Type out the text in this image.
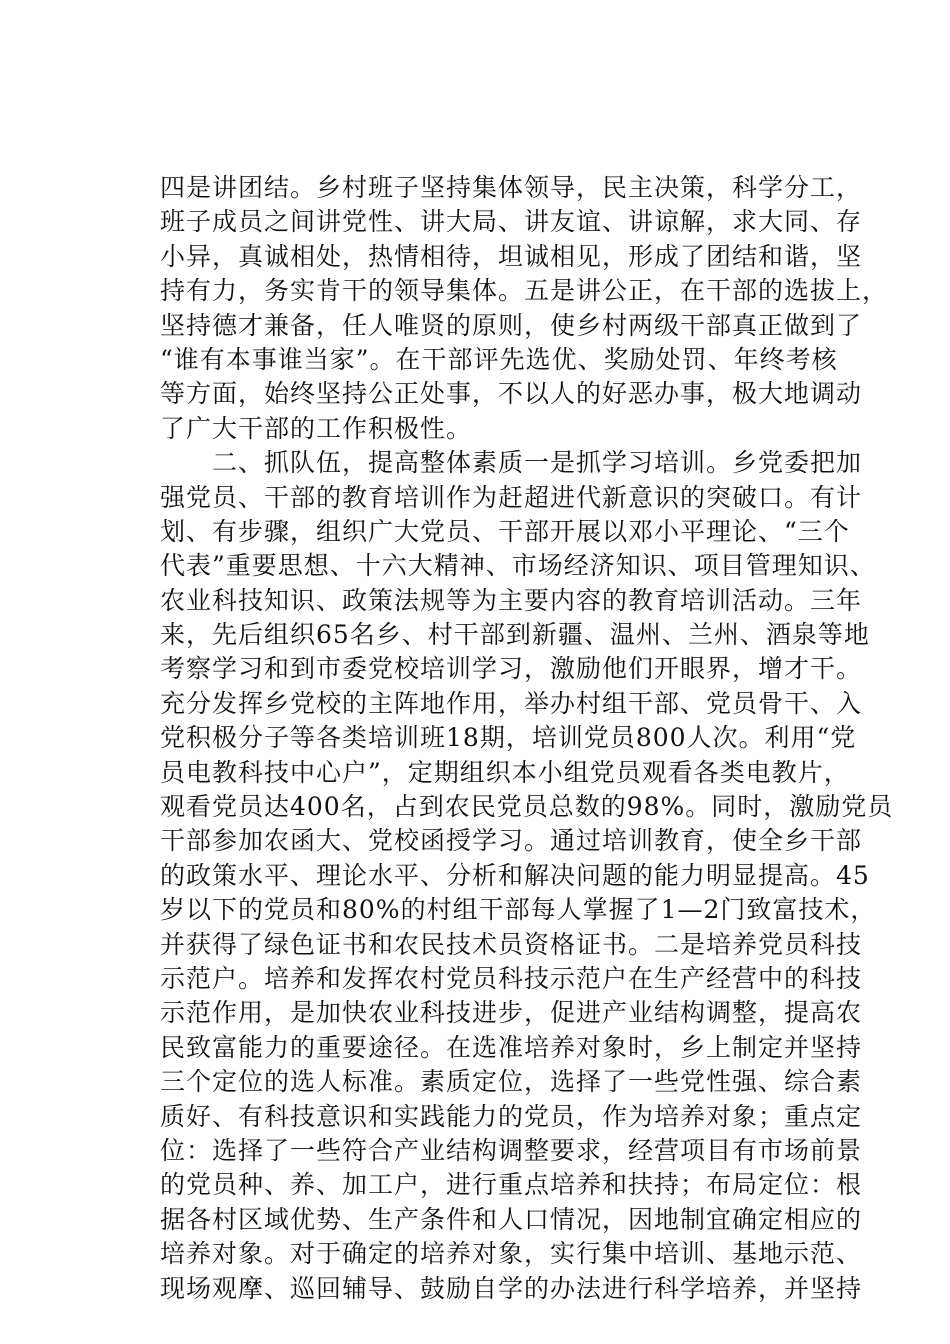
四是讲团结。乡村班子坚持集体领导，民主决策，科学分工，
班子成员之间讲党性、讲大局、讲友谊、讲谅解，求大同、存
小异，真诚相处，热情相待，坦诚相见，形成了团结和谐，坚
持有力，务实肯干的领导集体。五是讲公正，在干部的选拔上，
坚持德才兼备，任人唯贤的原则，使乡村两级干部真正做到了
“谁有本事谁当家”。在干部评先选优、奖励处罚、年终考核
等方面，始终坚持公正处事，不以人的好恶办事，极大地调动
了广大干部的工作积极性。
　　二、抓队伍，提高整体素质一是抓学习培训。乡党委把加
强党员、干部的教育培训作为赶超进代新意识的突破口。有计
划、有步骤，组织广大党员、干部开展以邓小平理论、“三个
代表”重要思想、十六大精神、市场经济知识、项目管理知识、
农业科技知识、政策法规等为主要内容的教育培训活动。三年
来，先后组织65名乡、村干部到新疆、温州、兰州、酒泉等地
考察学习和到市委党校培训学习，激励他们开眼界，增才干。
充分发挥乡党校的主阵地作用，举办村组干部、党员骨干、入
党积极分子等各类培训班18期，培训党员800人次。利用“党
员电教科技中心户”，定期组织本小组党员观看各类电教片，
观看党员达400名，占到农民党员总数的98%。同时，激励党员
干部参加农函大、党校函授学习。通过培训教育，使全乡干部
的政策水平、理论水平、分析和解决问题的能力明显提高。45
岁以下的党员和80%的村组干部每人掌握了1—2门致富技术，
并获得了绿色证书和农民技术员资格证书。二是培养党员科技
示范户。培养和发挥农村党员科技示范户在生产经营中的科技
示范作用，是加快农业科技进步，促进产业结构调整，提高农
民致富能力的重要途径。在选准培养对象时，乡上制定并坚持
三个定位的选人标准。素质定位，选择了一些党性强、综合素
质好、有科技意识和实践能力的党员，作为培养对象；重点定
位：选择了一些符合产业结构调整要求，经营项目有市场前景
的党员种、养、加工户，进行重点培养和扶持；布局定位：根
据各村区域优势、生产条件和人口情况，因地制宜确定相应的
培养对象。对于确定的培养对象，实行集中培训、基地示范、
现场观摩、巡回辅导、鼓励自学的办法进行科学培养，并坚持
